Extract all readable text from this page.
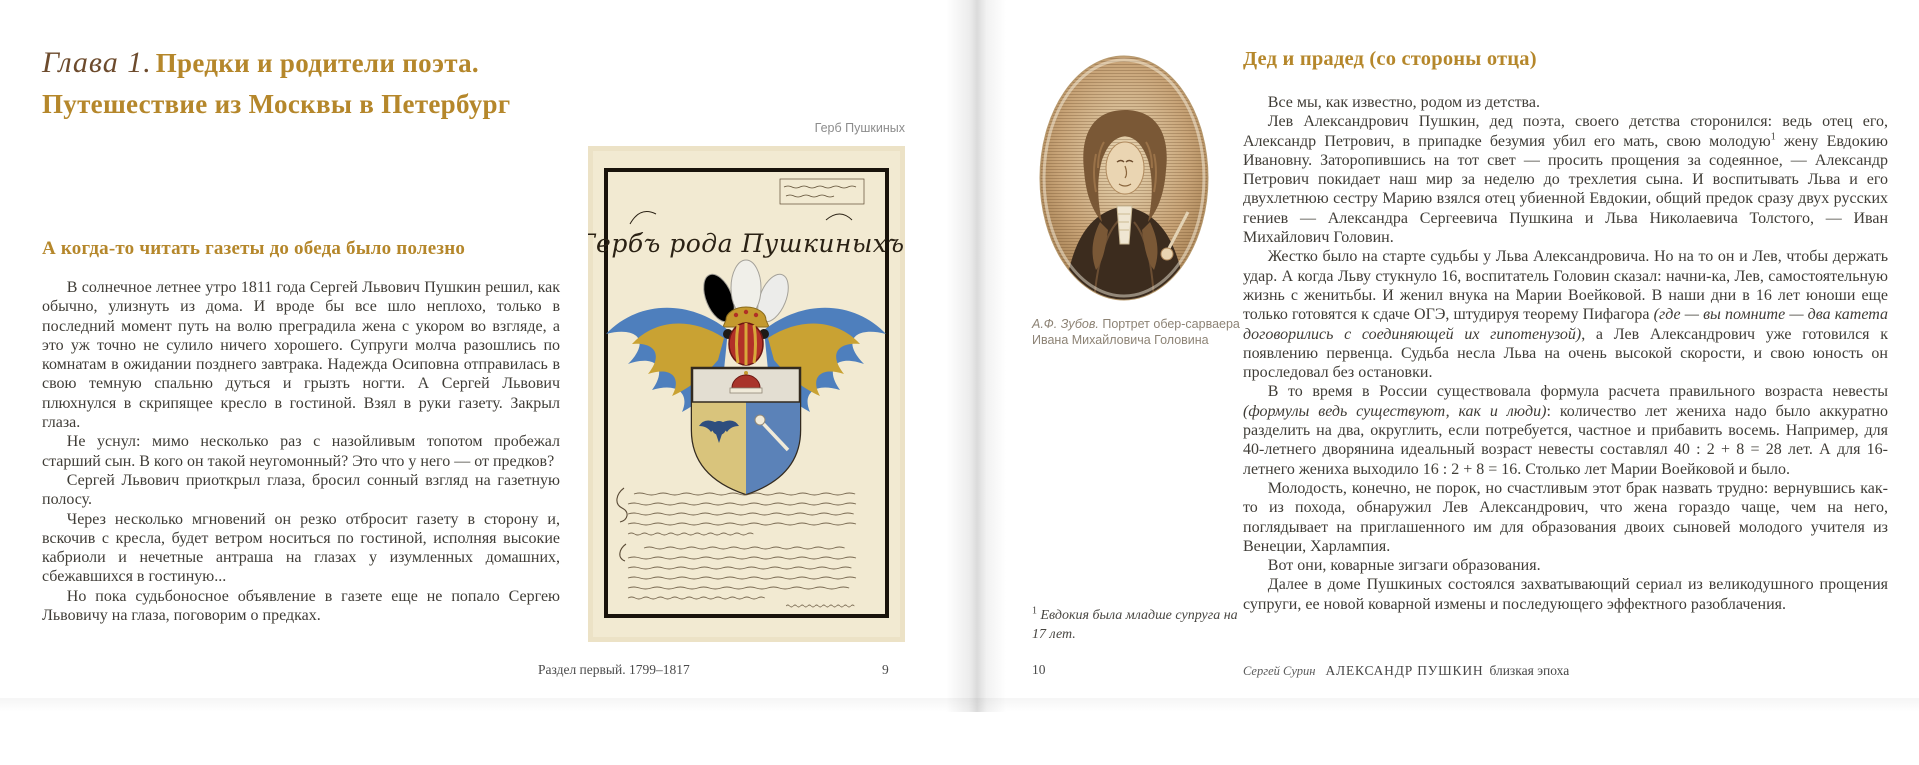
Глава 1. Предки и родители поэта.
Путешествие из Москвы в Петербург
Герб Пушкиных
Гербъ рода Пушкиныхъ.
А когда-то читать газеты до обеда было полезно

В солнечное летнее утро 1811 года Сергей Львович Пушкин решил, как обычно, улизнуть из дома. И вроде бы все шло неплохо, только в последний момент путь на волю преградила жена с укором во взгляде, а это уж точно не сулило ничего хорошего. Супруги молча разошлись по комнатам в ожидании позднего завтрака. Надежда Осиповна отправилась в свою темную спальню дуться и грызть ногти. А Сергей Львович плюхнулся в скрипящее кресло в гостиной. Взял в руки газету. Закрыл глаза.

Не уснул: мимо несколько раз с назойливым топотом пробежал старший сын. В кого он такой неугомонный? Это что у него — от предков?

Сергей Львович приоткрыл глаза, бросил сонный взгляд на газетную полосу.

Через несколько мгновений он резко отбросит газету в сторону и, вскочив с кресла, будет ветром носиться по гостиной, исполняя высокие кабриоли и нечетные антраша на глазах у изумленных домашних, сбежавшихся в гостиную...

Но пока судьбоносное объявление в газете еще не попало Сергею Львовичу на глаза, поговорим о предках.

Раздел первый. 1799–1817	9
А.Ф. Зубов. Портрет обер-сарваера Ивана Михайловича Головина
$^1$ Евдокия была младше супруга на 17 лет.
Дед и прадед (со стороны отца)

Все мы, как известно, родом из детства.

Лев Александрович Пушкин, дед поэта, своего детства сторонился: ведь отец его, Александр Петрович, в припадке безумия убил его мать, свою молодую$^1$ жену Евдокию Ивановну. Заторопившись на тот свет — просить прощения за содеянное, — Александр Петрович покидает наш мир за неделю до трехлетия сына. И воспитывать Льва и его двухлетнюю сестру Марию взялся отец убиенной Евдокии, общий предок сразу двух русских гениев — Александра Сергеевича Пушкина и Льва Николаевича Толстого, — Иван Михайлович Головин.

Жестко было на старте судьбы у Льва Александровича. Но на то он и Лев, чтобы держать удар. А когда Льву стукнуло 16, воспитатель Головин сказал: начни-ка, Лев, самостоятельную жизнь с женитьбы. И женил внука на Марии Воейковой. В наши дни в 16 лет юноши еще только готовятся к сдаче ОГЭ, штудируя теорему Пифагора (где — вы помните — два катета договорились с соединяющей их гипотенузой), а Лев Александрович уже готовился к появлению первенца. Судьба несла Льва на очень высокой скорости, и свою юность он проследовал без остановки.

В то время в России существовала формула расчета правильного возраста невесты (формулы ведь существуют, как и люди): количество лет жениха надо было аккуратно разделить на два, округлить, если потребуется, частное и прибавить восемь. Например, для 40-летнего дворянина идеальный возраст невесты составлял 40 : 2 + 8 = 28 лет. А для 16-летнего жениха выходило 16 : 2 + 8 = 16. Столько лет Марии Воейковой и было.

Молодость, конечно, не порок, но счастливым этот брак назвать трудно: вернувшись как-то из похода, обнаружил Лев Александрович, что жена гораздо чаще, чем на него, поглядывает на приглашенного им для образования двоих сыновей молодого учителя из Венеции, Харлампия.

Вот они, коварные зигзаги образования.

Далее в доме Пушкиных состоялся захватывающий сериал из великодушного прощения супруги, ее новой коварной измены и последующего эффектного разоблачения.

10	Сергей Сурин АЛЕКСАНДР ПУШКИН близкая эпоха
